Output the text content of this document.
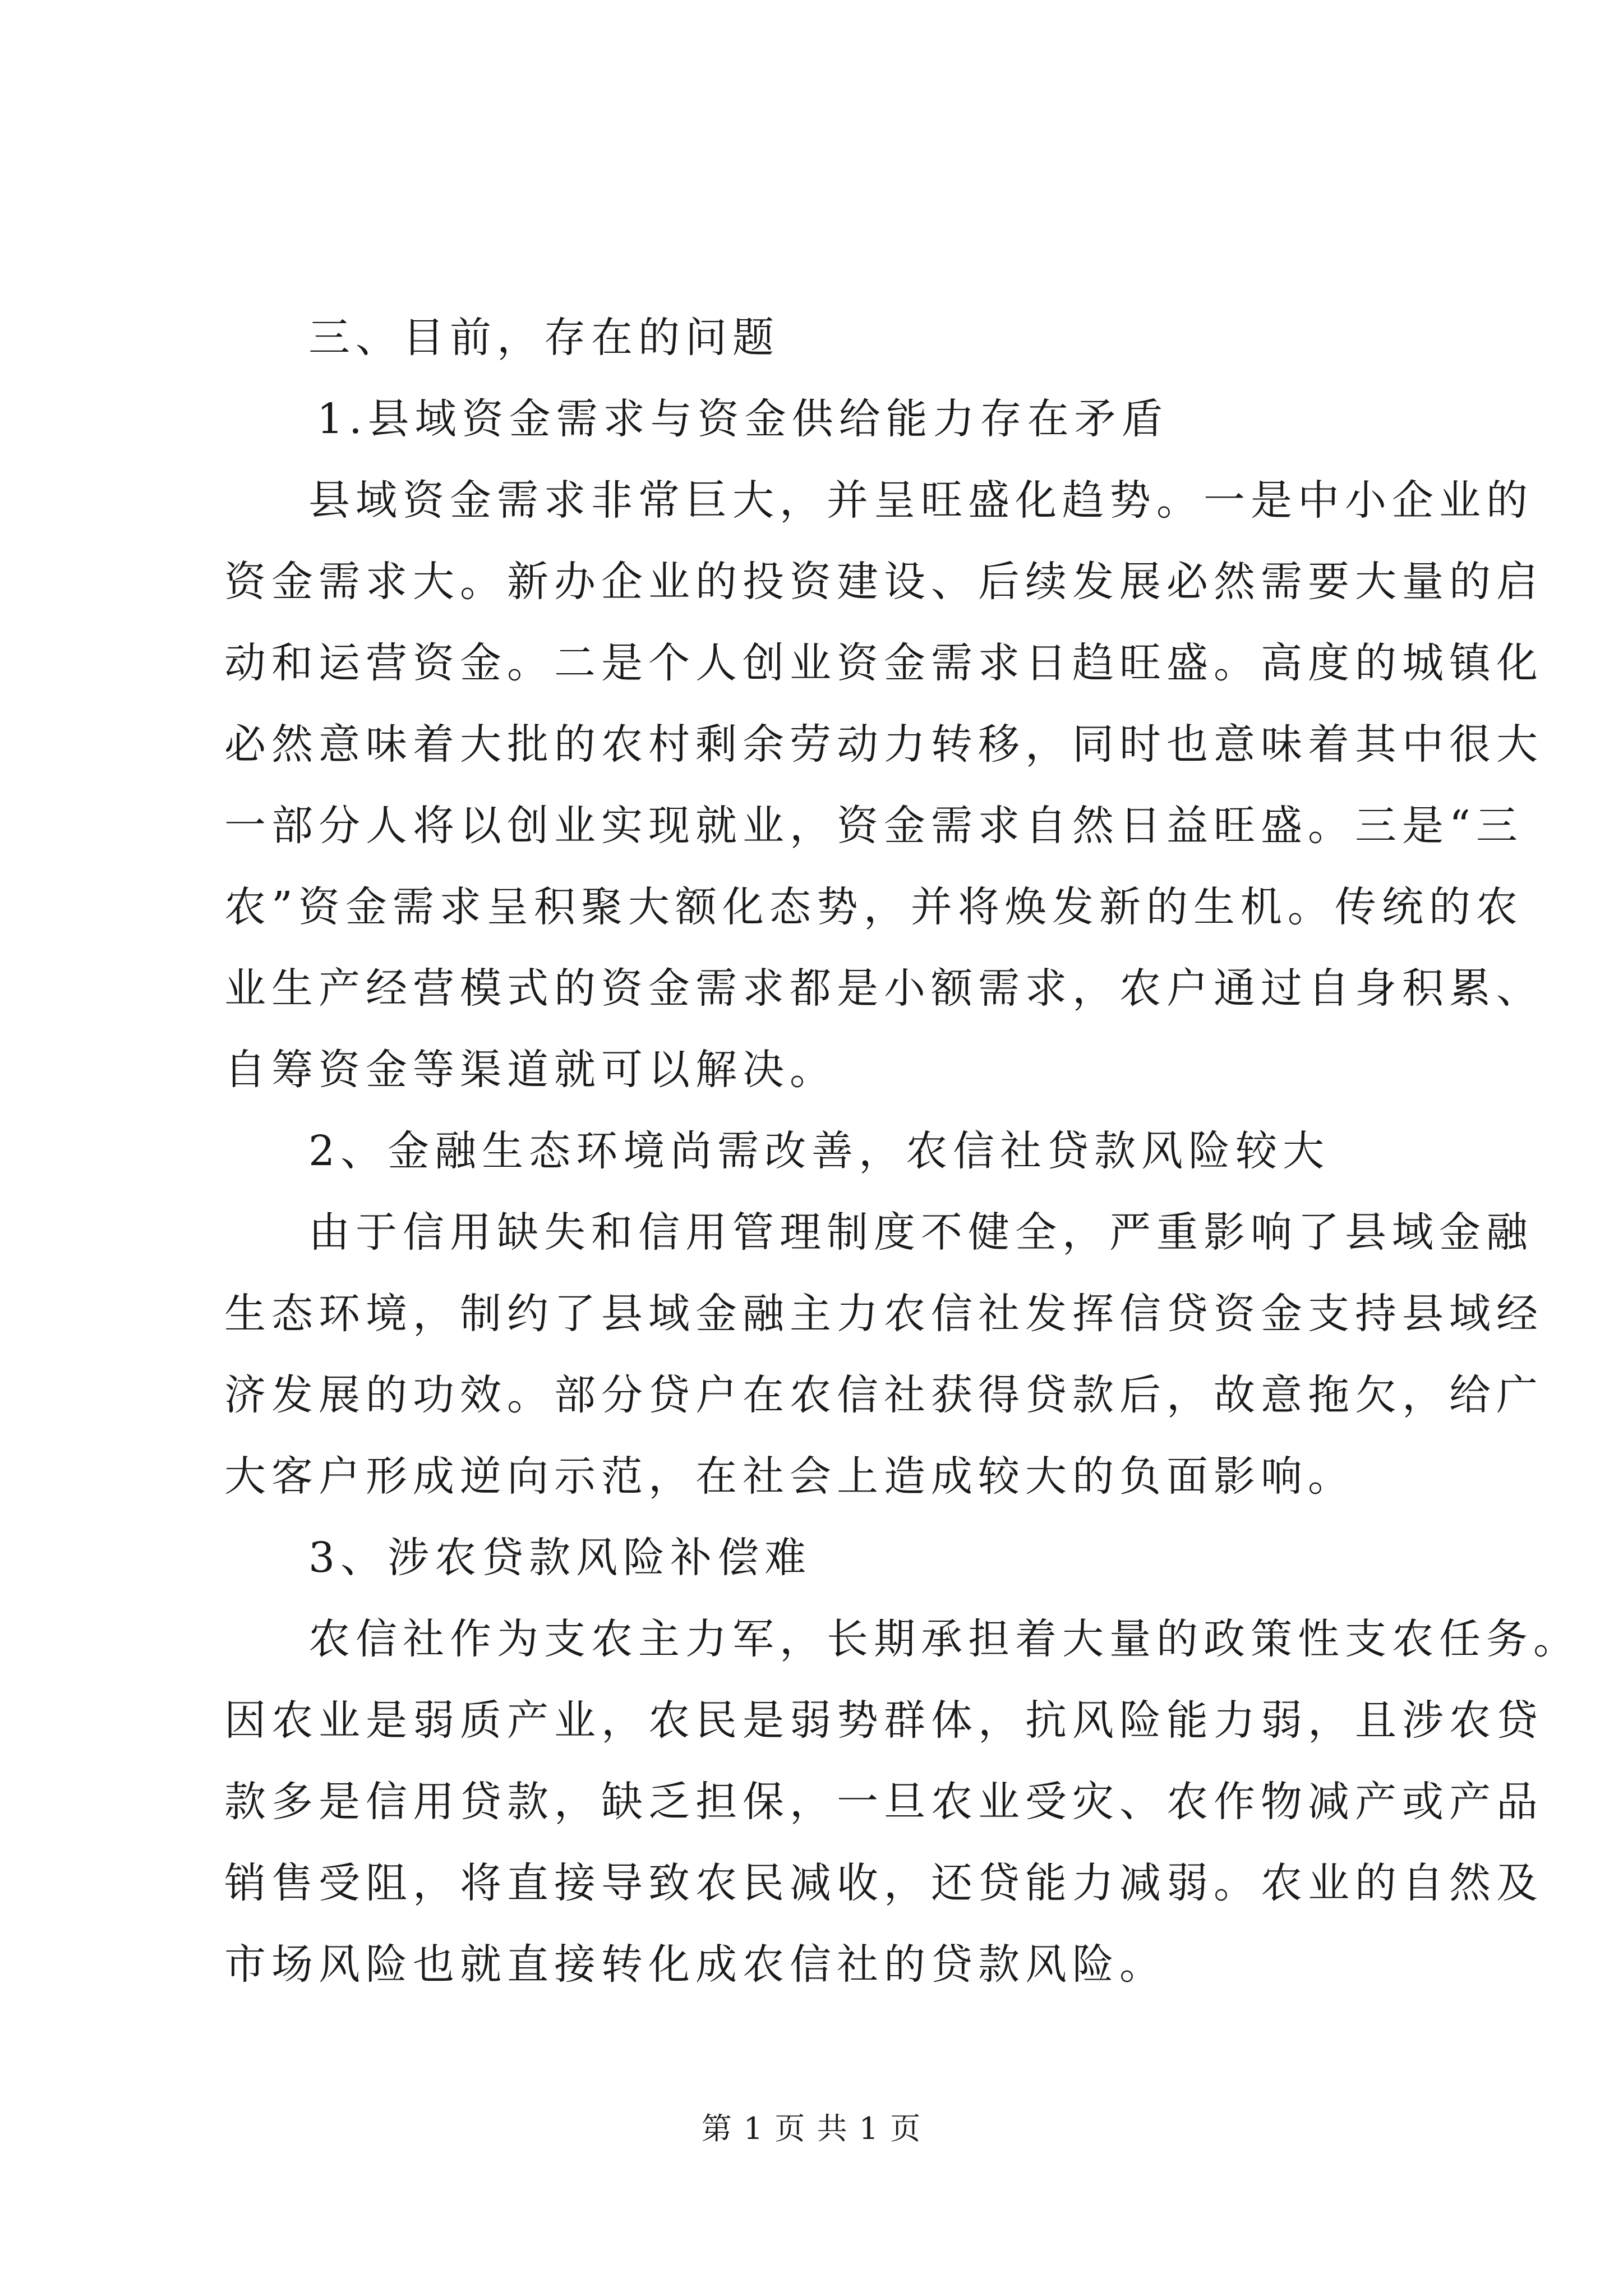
三、目前，存在的问题
1.县域资金需求与资金供给能力存在矛盾
县域资金需求非常巨大，并呈旺盛化趋势。一是中小企业的
资金需求大。新办企业的投资建设、后续发展必然需要大量的启
动和运营资金。二是个人创业资金需求日趋旺盛。高度的城镇化
必然意味着大批的农村剩余劳动力转移，同时也意味着其中很大
一部分人将以创业实现就业，资金需求自然日益旺盛。三是“三
农”资金需求呈积聚大额化态势，并将焕发新的生机。传统的农
业生产经营模式的资金需求都是小额需求，农户通过自身积累、
自筹资金等渠道就可以解决。
2、金融生态环境尚需改善，农信社贷款风险较大
由于信用缺失和信用管理制度不健全，严重影响了县域金融
生态环境，制约了县域金融主力农信社发挥信贷资金支持县域经
济发展的功效。部分贷户在农信社获得贷款后，故意拖欠，给广
大客户形成逆向示范，在社会上造成较大的负面影响。
3、涉农贷款风险补偿难
农信社作为支农主力军，长期承担着大量的政策性支农任务。
因农业是弱质产业，农民是弱势群体，抗风险能力弱，且涉农贷
款多是信用贷款，缺乏担保，一旦农业受灾、农作物减产或产品
销售受阻，将直接导致农民减收，还贷能力减弱。农业的自然及
市场风险也就直接转化成农信社的贷款风险。
第 1 页 共 1 页
